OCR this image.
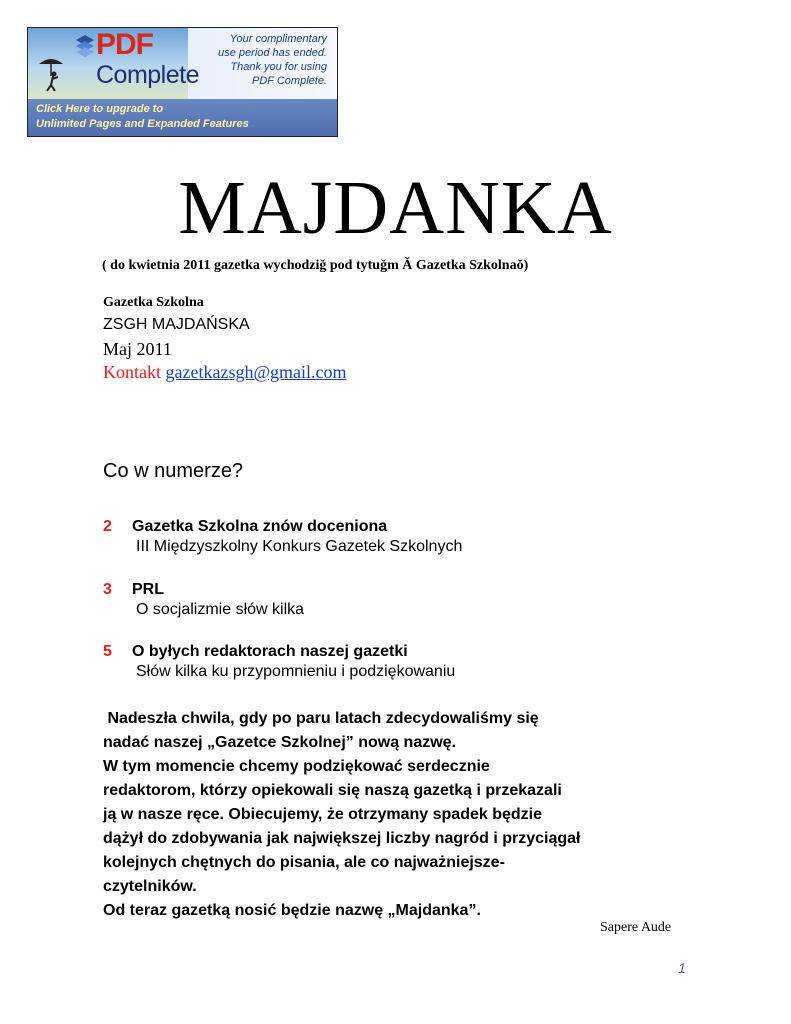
PDF
Complete
Your complimentary
use period has ended.
Thank you for using
PDF Complete.
Click Here to upgrade to
Unlimited Pages and Expanded Features
MAJDANKA
( do kwietnia 2011 gazetka wychodziǧ pod tytuǧm Ǎ Gazetka Szkolnaǒ)
Gazetka Szkolna
ZSGH MAJDAŃSKA
Maj 2011
Kontakt gazetkazsgh@gmail.com
Co w numerze?
2 Gazetka Szkolna znów doceniona
III Międzyszkolny Konkurs Gazetek Szkolnych
3 PRL
O socjalizmie słów kilka
5 O byłych redaktorach naszej gazetki
Słów kilka ku przypomnieniu i podziękowaniu
Nadeszła chwila, gdy po paru latach zdecydowaliśmy się
nadać naszej „Gazetce Szkolnej” nową nazwę.
W tym momencie chcemy podziękować serdecznie
redaktorom, którzy opiekowali się naszą gazetką i przekazali
ją w nasze ręce. Obiecujemy, że otrzymany spadek będzie
dążył do zdobywania jak największej liczby nagród i przyciągał
kolejnych chętnych do pisania, ale co najważniejsze-
czytelników.
Od teraz gazetką nosić będzie nazwę „Majdanka”.
Sapere Aude
1
